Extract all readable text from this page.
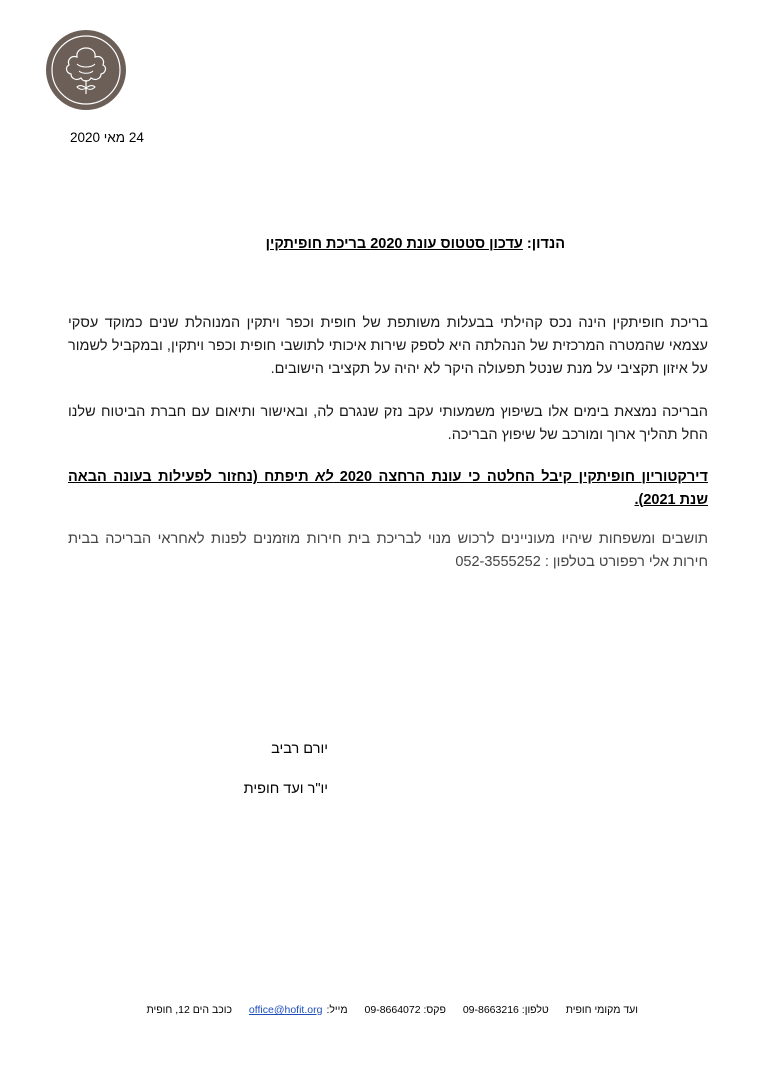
24 מאי 2020
הנדון: עדכון סטטוס עונת 2020 בריכת חופיתקין
בריכת חופיתקין הינה נכס קהילתי בבעלות משותפת של חופית וכפר ויתקין המנוהלת שנים כמוקד עסקי עצמאי שהמטרה המרכזית של הנהלתה היא לספק שירות איכותי לתושבי חופית וכפר ויתקין, ובמקביל לשמור על איזון תקציבי על מנת שנטל תפעולה היקר לא יהיה על תקציבי הישובים.
הבריכה נמצאת בימים אלו בשיפוץ משמעותי עקב נזק שנגרם לה, ובאישור ותיאום עם חברת הביטוח שלנו החל תהליך ארוך ומורכב של שיפוץ הבריכה.
דירקטוריון חופיתקין קיבל החלטה כי עונת הרחצה 2020 לא תיפתח (נחזור לפעילות בעונה הבאה שנת 2021).
תושבים ומשפחות שיהיו מעוניינים לרכוש מנוי לבריכת בית חירות מוזמנים לפנות לאחראי הבריכה בבית חירות אלי רפפורט בטלפון : 052-3555252
יורם רביב
יו"ר ועד חופית
ועד מקומי חופית טלפון: 09-8663216 פקס: 09-8664072 מייל:office@hofit.org כוכב הים 12, חופית
